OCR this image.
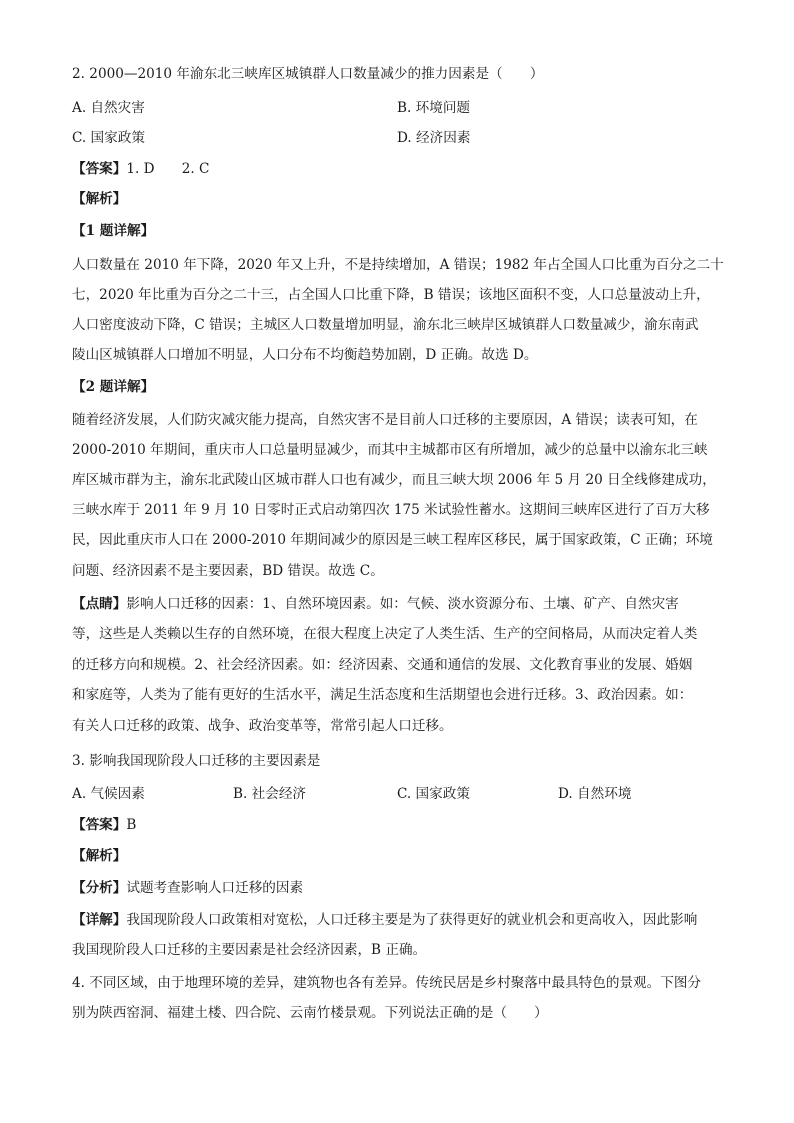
2. 2000—2010 年渝东北三峡库区城镇群人口数量减少的推力因素是（　　）
A. 自然灾害	B. 环境问题
C. 国家政策	D. 经济因素
【答案】1. D　　2. C
【解析】
【1 题详解】
人口数量在 2010 年下降，2020 年又上升，不是持续增加，A 错误；1982 年占全国人口比重为百分之二十
七，2020 年比重为百分之二十三，占全国人口比重下降，B 错误；该地区面积不变，人口总量波动上升，
人口密度波动下降，C 错误；主城区人口数量增加明显，渝东北三峡岸区城镇群人口数量减少，渝东南武
陵山区城镇群人口增加不明显，人口分布不均衡趋势加剧，D 正确。故选 D。
【2 题详解】
随着经济发展，人们防灾减灾能力提高，自然灾害不是目前人口迁移的主要原因，A 错误；读表可知，在
2000-2010 年期间，重庆市人口总量明显减少，而其中主城都市区有所增加，减少的总量中以渝东北三峡
库区城市群为主，渝东北武陵山区城市群人口也有减少，而且三峡大坝 2006 年 5 月 20 日全线修建成功，
三峡水库于 2011 年 9 月 10 日零时正式启动第四次 175 米试验性蓄水。这期间三峡库区进行了百万大移
民，因此重庆市人口在 2000-2010 年期间减少的原因是三峡工程库区移民，属于国家政策，C 正确；环境
问题、经济因素不是主要因素，BD 错误。故选 C。
【点睛】影响人口迁移的因素：1、自然环境因素。如：气候、淡水资源分布、土壤、矿产、自然灾害
等，这些是人类赖以生存的自然环境，在很大程度上决定了人类生活、生产的空间格局，从而决定着人类
的迁移方向和规模。2、社会经济因素。如：经济因素、交通和通信的发展、文化教育事业的发展、婚姻
和家庭等，人类为了能有更好的生活水平，满足生活态度和生活期望也会进行迁移。3、政治因素。如：
有关人口迁移的政策、战争、政治变革等，常常引起人口迁移。
3. 影响我国现阶段人口迁移的主要因素是
A. 气候因素	B. 社会经济	C. 国家政策	D. 自然环境
【答案】B
【解析】
【分析】试题考查影响人口迁移的因素
【详解】我国现阶段人口政策相对宽松，人口迁移主要是为了获得更好的就业机会和更高收入，因此影响
我国现阶段人口迁移的主要因素是社会经济因素，B 正确。
4. 不同区域，由于地理环境的差异，建筑物也各有差异。传统民居是乡村聚落中最具特色的景观。下图分
别为陕西窑洞、福建土楼、四合院、云南竹楼景观。下列说法正确的是（　　）
